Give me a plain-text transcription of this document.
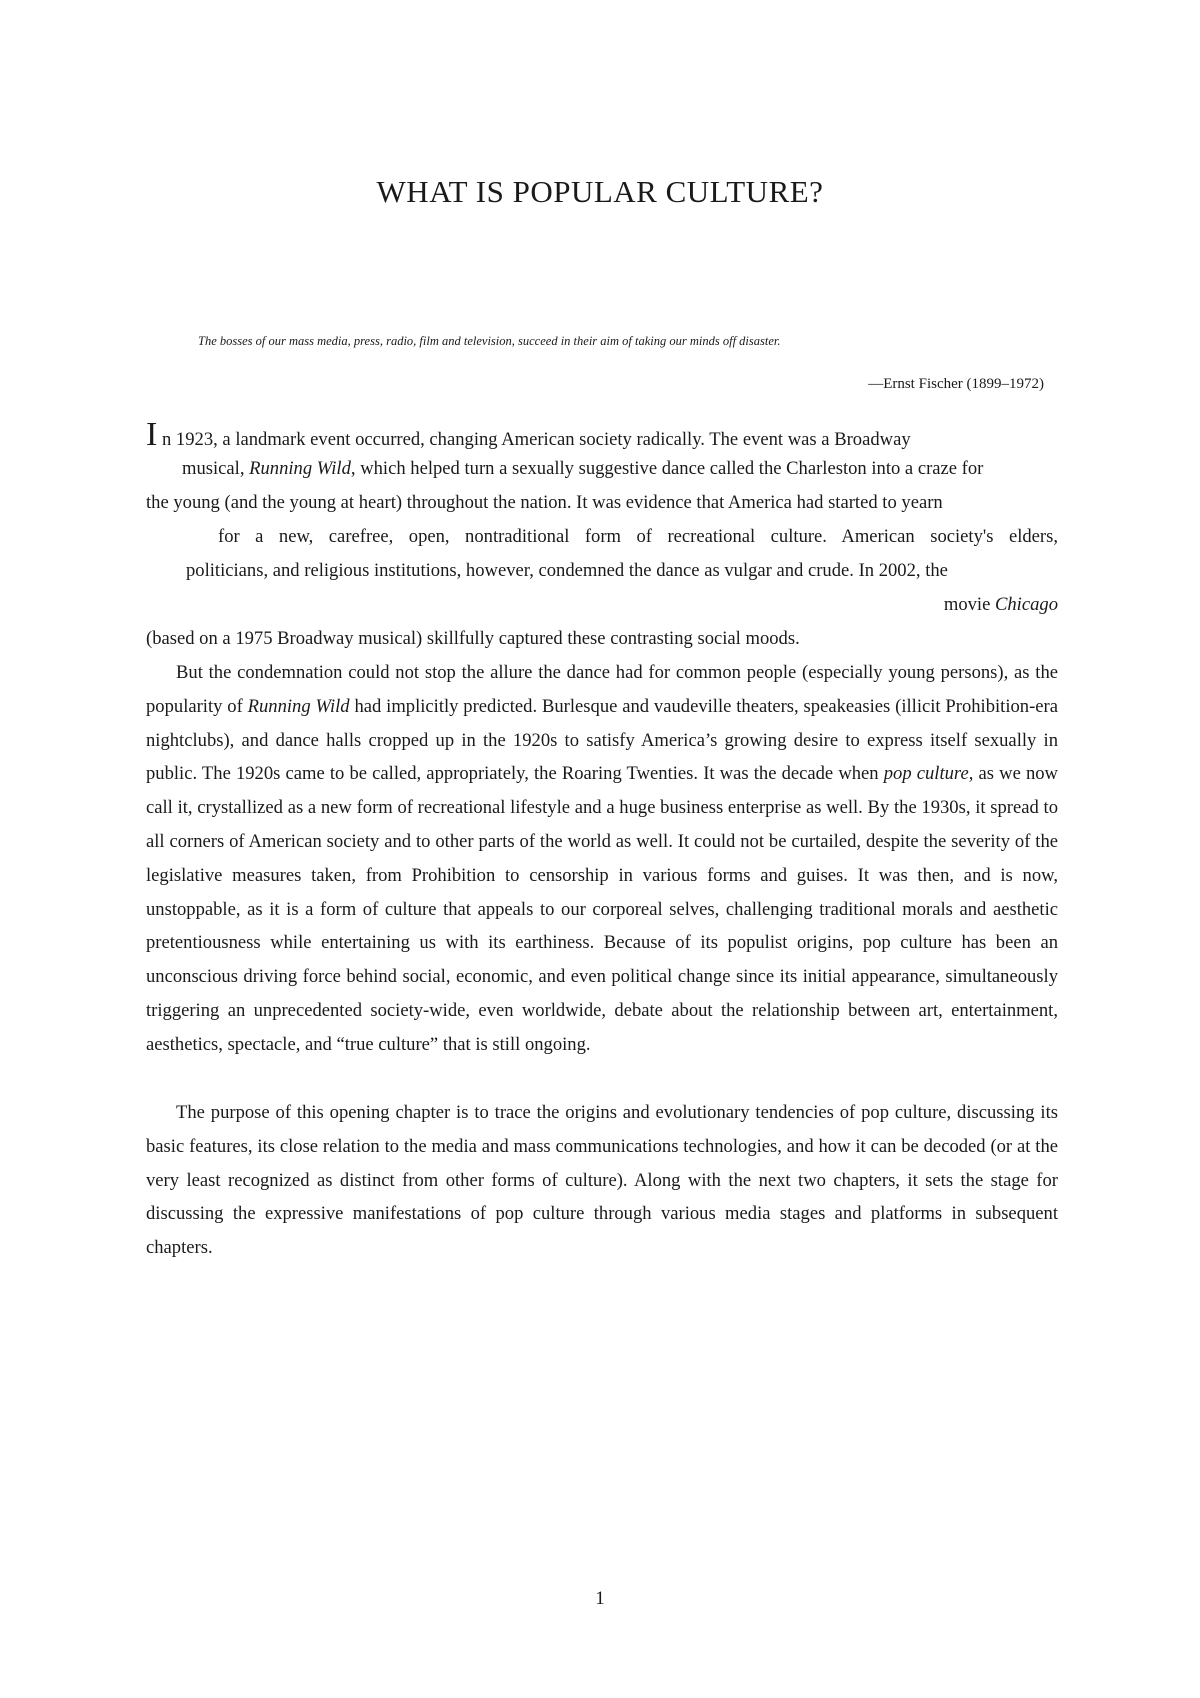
WHAT IS POPULAR CULTURE?

The bosses of our mass media, press, radio, film and television, succeed in their aim of taking our minds off disaster.

—Ernst Fischer (1899–1972)

I n 1923, a landmark event occurred, changing American society radically. The event was a Broadway
musical, Running Wild, which helped turn a sexually suggestive dance called the Charleston into a craze for
the young (and the young at heart) throughout the nation. It was evidence that America had started to yearn
for a new, carefree, open, nontraditional form of recreational culture. American society's elders,
politicians, and religious institutions, however, condemned the dance as vulgar and crude. In 2002, the
movie Chicago
(based on a 1975 Broadway musical) skillfully captured these contrasting social moods.

But the condemnation could not stop the allure the dance had for common people (especially young persons), as the popularity of Running Wild had implicitly predicted. Burlesque and vaudeville theaters, speakeasies (illicit Prohibition-era nightclubs), and dance halls cropped up in the 1920s to satisfy America’s growing desire to express itself sexually in public. The 1920s came to be called, appropriately, the Roaring Twenties. It was the decade when pop culture, as we now call it, crystallized as a new form of recreational lifestyle and a huge business enterprise as well. By the 1930s, it spread to all corners of American society and to other parts of the world as well. It could not be curtailed, despite the severity of the legislative measures taken, from Prohibition to censorship in various forms and guises. It was then, and is now, unstoppable, as it is a form of culture that appeals to our corporeal selves, challenging traditional morals and aesthetic pretentiousness while entertaining us with its earthiness. Because of its populist origins, pop culture has been an unconscious driving force behind social, economic, and even political change since its initial appearance, simultaneously triggering an unprecedented society-wide, even worldwide, debate about the relationship between art, entertainment, aesthetics, spectacle, and “true culture” that is still ongoing.

The purpose of this opening chapter is to trace the origins and evolutionary tendencies of pop culture, discussing its basic features, its close relation to the media and mass communications technologies, and how it can be decoded (or at the very least recognized as distinct from other forms of culture). Along with the next two chapters, it sets the stage for discussing the expressive manifestations of pop culture through various media stages and platforms in subsequent chapters.

1
